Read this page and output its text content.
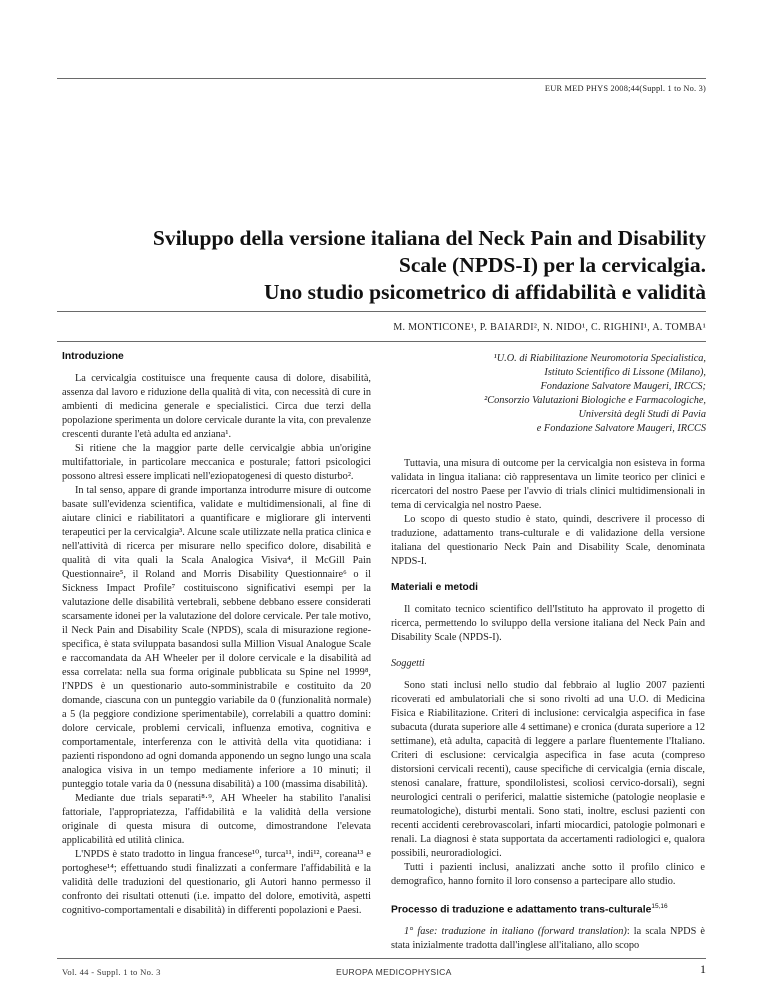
EUR MED PHYS 2008;44(Suppl. 1 to No. 3)
Sviluppo della versione italiana del Neck Pain and Disability
Scale (NPDS-I) per la cervicalgia.
Uno studio psicometrico di affidabilità e validità
M. MONTICONE¹, P. BAIARDI², N. NIDO¹, C. RIGHINI¹, A. TOMBA¹
¹U.O. di Riabilitazione Neuromotoria Specialistica,
Istituto Scientifico di Lissone (Milano),
Fondazione Salvatore Maugeri, IRCCS;
²Consorzio Valutazioni Biologiche e Farmacologiche,
Università degli Studi di Pavia
e Fondazione Salvatore Maugeri, IRCCS
Introduzione

La cervicalgia costituisce una frequente causa di dolore, disabilità, assenza dal lavoro e riduzione della qualità di vita, con necessità di cure in ambienti di medicina generale e specialistici. Circa due terzi della popolazione sperimenta un dolore cervicale durante la vita, con prevalenze crescenti durante l'età adulta ed anziana¹.

Si ritiene che la maggior parte delle cervicalgie abbia un'origine multifattoriale, in particolare meccanica e posturale; fattori psicologici possono altresì essere implicati nell'eziopatogenesi di questo disturbo².

In tal senso, appare di grande importanza introdurre misure di outcome basate sull'evidenza scientifica, validate e multidimensionali, al fine di aiutare clinici e riabilitatori a quantificare e migliorare gli interventi terapeutici per la cervicalgia³. Alcune scale utilizzate nella pratica clinica e nell'attività di ricerca per misurare nello specifico dolore, disabilità e qualità di vita quali la Scala Analogica Visiva⁴, il McGill Pain Questionnaire⁵, il Roland and Morris Disability Questionnaire⁶ o il Sickness Impact Profile⁷ costituiscono significativi esempi per la valutazione delle disabilità vertebrali, sebbene debbano essere considerati scarsamente idonei per la valutazione del dolore cervicale. Per tale motivo, il Neck Pain and Disability Scale (NPDS), scala di misurazione regione-specifica, è stata sviluppata basandosi sulla Million Visual Analogue Scale e raccomandata da AH Wheeler per il dolore cervicale e la disabilità ad essa correlata: nella sua forma originale pubblicata su Spine nel 1999⁸, l'NPDS è un questionario auto-somministrabile e costituito da 20 domande, ciascuna con un punteggio variabile da 0 (funzionalità normale) a 5 (la peggiore condizione sperimentabile), correlabili a quattro domini: dolore cervicale, problemi cervicali, influenza emotiva, cognitiva e comportamentale, interferenza con le attività della vita quotidiana: i pazienti rispondono ad ogni domanda apponendo un segno lungo una scala analogica visiva in un tempo mediamente inferiore a 10 minuti; il punteggio totale varia da 0 (nessuna disabilità) a 100 (massima disabilità).

Mediante due trials separati⁸·⁹, AH Wheeler ha stabilito l'analisi fattoriale, l'appropriatezza, l'affidabilità e la validità della versione originale di questa misura di outcome, dimostrandone l'elevata applicabilità ed utilità clinica.

L'NPDS è stato tradotto in lingua francese¹⁰, turca¹¹, indi¹², coreana¹³ e portoghese¹⁴; effettuando studi finalizzati a confermare l'affidabilità e la validità delle traduzioni del questionario, gli Autori hanno permesso il confronto dei risultati ottenuti (i.e. impatto del dolore, emotività, aspetti cognitivo-comportamentali e disabilità) in differenti popolazioni e Paesi.

Tuttavia, una misura di outcome per la cervicalgia non esisteva in forma validata in lingua italiana: ciò rappresentava un limite teorico per clinici e ricercatori del nostro Paese per l'avvio di trials clinici multidimensionali in tema di cervicalgia nel nostro Paese.

Lo scopo di questo studio è stato, quindi, descrivere il processo di traduzione, adattamento trans-culturale e di validazione della versione italiana del questionario Neck Pain and Disability Scale, denominata NPDS-I.

Materiali e metodi

Il comitato tecnico scientifico dell'Istituto ha approvato il progetto di ricerca, permettendo lo sviluppo della versione italiana del Neck Pain and Disability Scale (NPDS-I).

Soggetti

Sono stati inclusi nello studio dal febbraio al luglio 2007 pazienti ricoverati ed ambulatoriali che si sono rivolti ad una U.O. di Medicina Fisica e Riabilitazione. Criteri di inclusione: cervicalgia aspecifica in fase subacuta (durata superiore alle 4 settimane) e cronica (durata superiore a 12 settimane), età adulta, capacità di leggere a parlare fluentemente l'Italiano. Criteri di esclusione: cervicalgia aspecifica in fase acuta (compreso distorsioni cervicali recenti), cause specifiche di cervicalgia (ernia discale, stenosi canalare, fratture, spondilolistesi, scoliosi cervico-dorsali), segni neurologici centrali o periferici, malattie sistemiche (patologie neoplasie e reumatologiche), disturbi mentali. Sono stati, inoltre, esclusi pazienti con recenti accidenti cerebrovascolari, infarti miocardici, patologie polmonari e renali. La diagnosi è stata supportata da accertamenti radiologici e, qualora possibili, neuroradiologici.

Tutti i pazienti inclusi, analizzati anche sotto il profilo clinico e demografico, hanno fornito il loro consenso a partecipare allo studio.

Processo di traduzione e adattamento trans-culturale$^{15,16}$

1° fase: traduzione in italiano (forward translation): la scala NPDS è stata inizialmente tradotta dall'inglese all'italiano, allo scopo

Vol. 44 - Suppl. 1 to No. 3	EUROPA MEDICOPHYSICA	1
